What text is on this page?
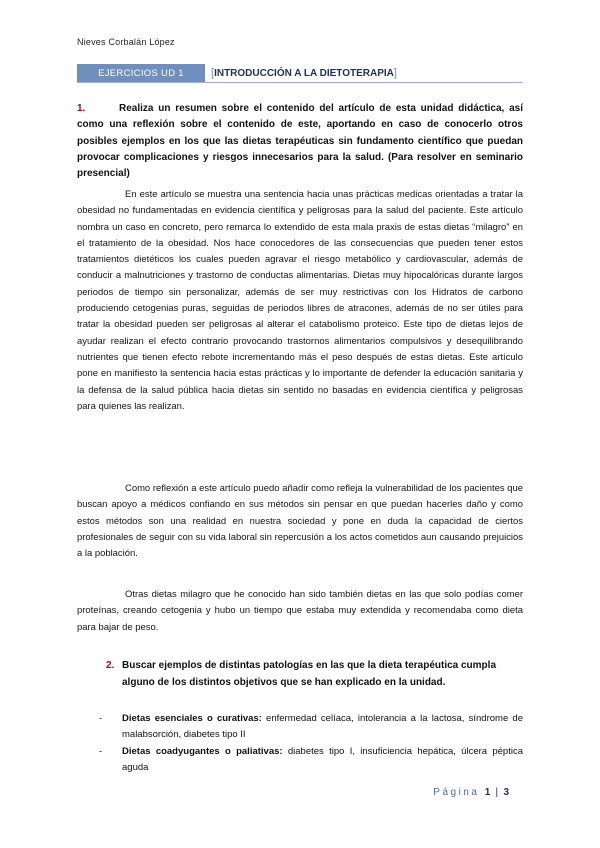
Nieves Corbalán López
EJERCICIOS UD 1	[ INTRODUCCIÓN A LA DIETOTERAPIA ]
1.	Realiza un resumen sobre el contenido del artículo de esta unidad didáctica, así como una reflexión sobre el contenido de este, aportando en caso de conocerlo otros posibles ejemplos en los que las dietas terapéuticas sin fundamento científico que puedan provocar complicaciones y riesgos innecesarios para la salud. (Para resolver en seminario presencial)

En este artículo se muestra una sentencia hacia unas prácticas medicas orientadas a tratar la obesidad no fundamentadas en evidencia científica y peligrosas para la salud del paciente. Este artículo nombra un caso en concreto, pero remarca lo extendido de esta mala praxis de estas dietas “milagro” en el tratamiento de la obesidad. Nos hace conocedores de las consecuencias que pueden tener estos tratamientos dietéticos los cuales pueden agravar el riesgo metabólico y cardiovascular, además de conducir a malnutriciones y trastorno de conductas alimentarias. Dietas muy hipocalóricas durante largos periodos de tiempo sin personalizar, además de ser muy restrictivas con los Hidratos de carbono produciendo cetogenias puras, seguidas de periodos libres de atracones, además de no ser útiles para tratar la obesidad pueden ser peligrosas al alterar el catabolismo proteico. Este tipo de dietas lejos de ayudar realizan el efecto contrario provocando trastornos alimentarios compulsivos y desequilibrando nutrientes que tienen efecto rebote incrementando más el peso después de estas dietas. Este artículo pone en manifiesto la sentencia hacia estas prácticas y lo importante de defender la educación sanitaria y la defensa de la salud pública hacia dietas sin sentido no basadas en evidencia científica y peligrosas para quienes las realizan.

Como reflexión a este artículo puedo añadir como refleja la vulnerabilidad de los pacientes que buscan apoyo a médicos confiando en sus métodos sin pensar en que puedan hacerles daño y como estos métodos son una realidad en nuestra sociedad y pone en duda la capacidad de ciertos profesionales de seguir con su vida laboral sin repercusión a los actos cometidos aun causando prejuicios a la población.

Otras dietas milagro que he conocido han sido también dietas en las que solo podías comer proteínas, creando cetogenia y hubo un tiempo que estaba muy extendida y recomendaba como dieta para bajar de peso.

2. Buscar ejemplos de distintas patologías en las que la dieta terapéutica cumpla alguno de los distintos objetivos que se han explicado en la unidad.
-	Dietas esenciales o curativas: enfermedad celíaca, intolerancia a la lactosa, síndrome de malabsorción, diabetes tipo II
-	Dietas coadyugantes o paliativas: diabetes tipo I, insuficiencia hepática, úlcera péptica aguda
Página 1 | 3
